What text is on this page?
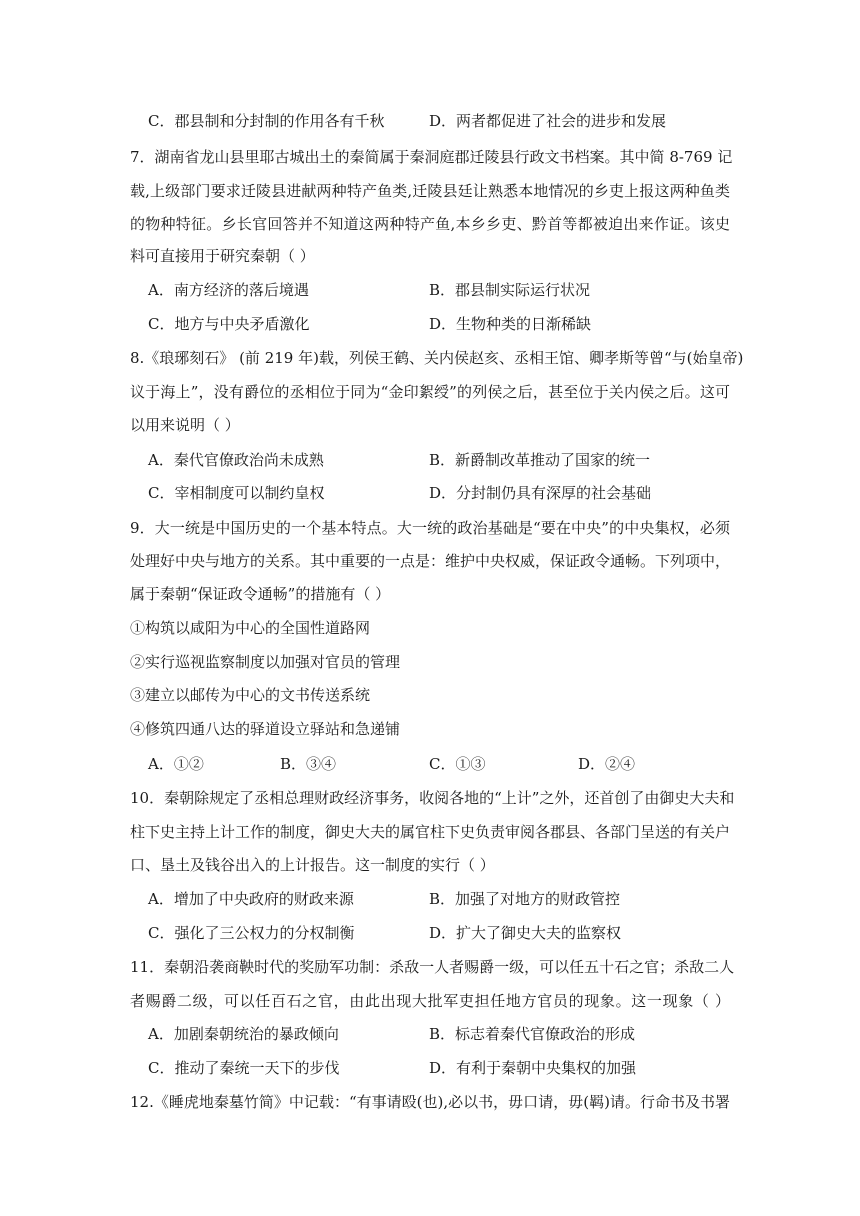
C．郡县制和分封制的作用各有千秋	D．两者都促进了社会的进步和发展
7．湖南省龙山县里耶古城出土的秦简属于秦洞庭郡迁陵县行政文书档案。其中简 8-769 记
载,上级部门要求迁陵县进献两种特产鱼类,迁陵县廷让熟悉本地情况的乡吏上报这两种鱼类
的物种特征。乡长官回答并不知道这两种特产鱼,本乡乡吏、黔首等都被迫出来作证。该史
料可直接用于研究秦朝（ ）
A．南方经济的落后境遇	B．郡县制实际运行状况
C．地方与中央矛盾激化	D．生物种类的日渐稀缺
8.《琅琊刻石》 (前 219 年)载，列侯王鹤、关内侯赵亥、丞相王馆、卿孝斯等曾“与(始皇帝)
议于海上”，没有爵位的丞相位于同为“金印絮绶”的列侯之后，甚至位于关内侯之后。这可
以用来说明（ ）
A．秦代官僚政治尚未成熟	B．新爵制改革推动了国家的统一
C．宰相制度可以制约皇权	D．分封制仍具有深厚的社会基础
9．大一统是中国历史的一个基本特点。大一统的政治基础是“要在中央”的中央集权，必须
处理好中央与地方的关系。其中重要的一点是：维护中央权威，保证政令通畅。下列项中，
属于秦朝“保证政令通畅”的措施有（ ）
①构筑以咸阳为中心的全国性道路网
②实行巡视监察制度以加强对官员的管理
③建立以邮传为中心的文书传送系统
④修筑四通八达的驿道设立驿站和急递铺
A．①②	B．③④	C．①③	D．②④
10．秦朝除规定了丞相总理财政经济事务，收阅各地的“上计”之外，还首创了由御史大夫和
柱下史主持上计工作的制度，御史大夫的属官柱下史负责审阅各郡县、各部门呈送的有关户
口、垦土及钱谷出入的上计报告。这一制度的实行（ ）
A．增加了中央政府的财政来源	B．加强了对地方的财政管控
C．强化了三公权力的分权制衡	D．扩大了御史大夫的监察权
11．秦朝沿袭商鞅时代的奖励军功制：杀敌一人者赐爵一级，可以任五十石之官；杀敌二人
者赐爵二级，可以任百石之官，由此出现大批军吏担任地方官员的现象。这一现象（ ）
A．加剧秦朝统治的暴政倾向	B．标志着秦代官僚政治的形成
C．推动了秦统一天下的步伐	D．有利于秦朝中央集权的加强
12.《睡虎地秦墓竹简》中记载：“有事请殴(也),必以书，毋口请，毋(羁)请。行命书及书署
